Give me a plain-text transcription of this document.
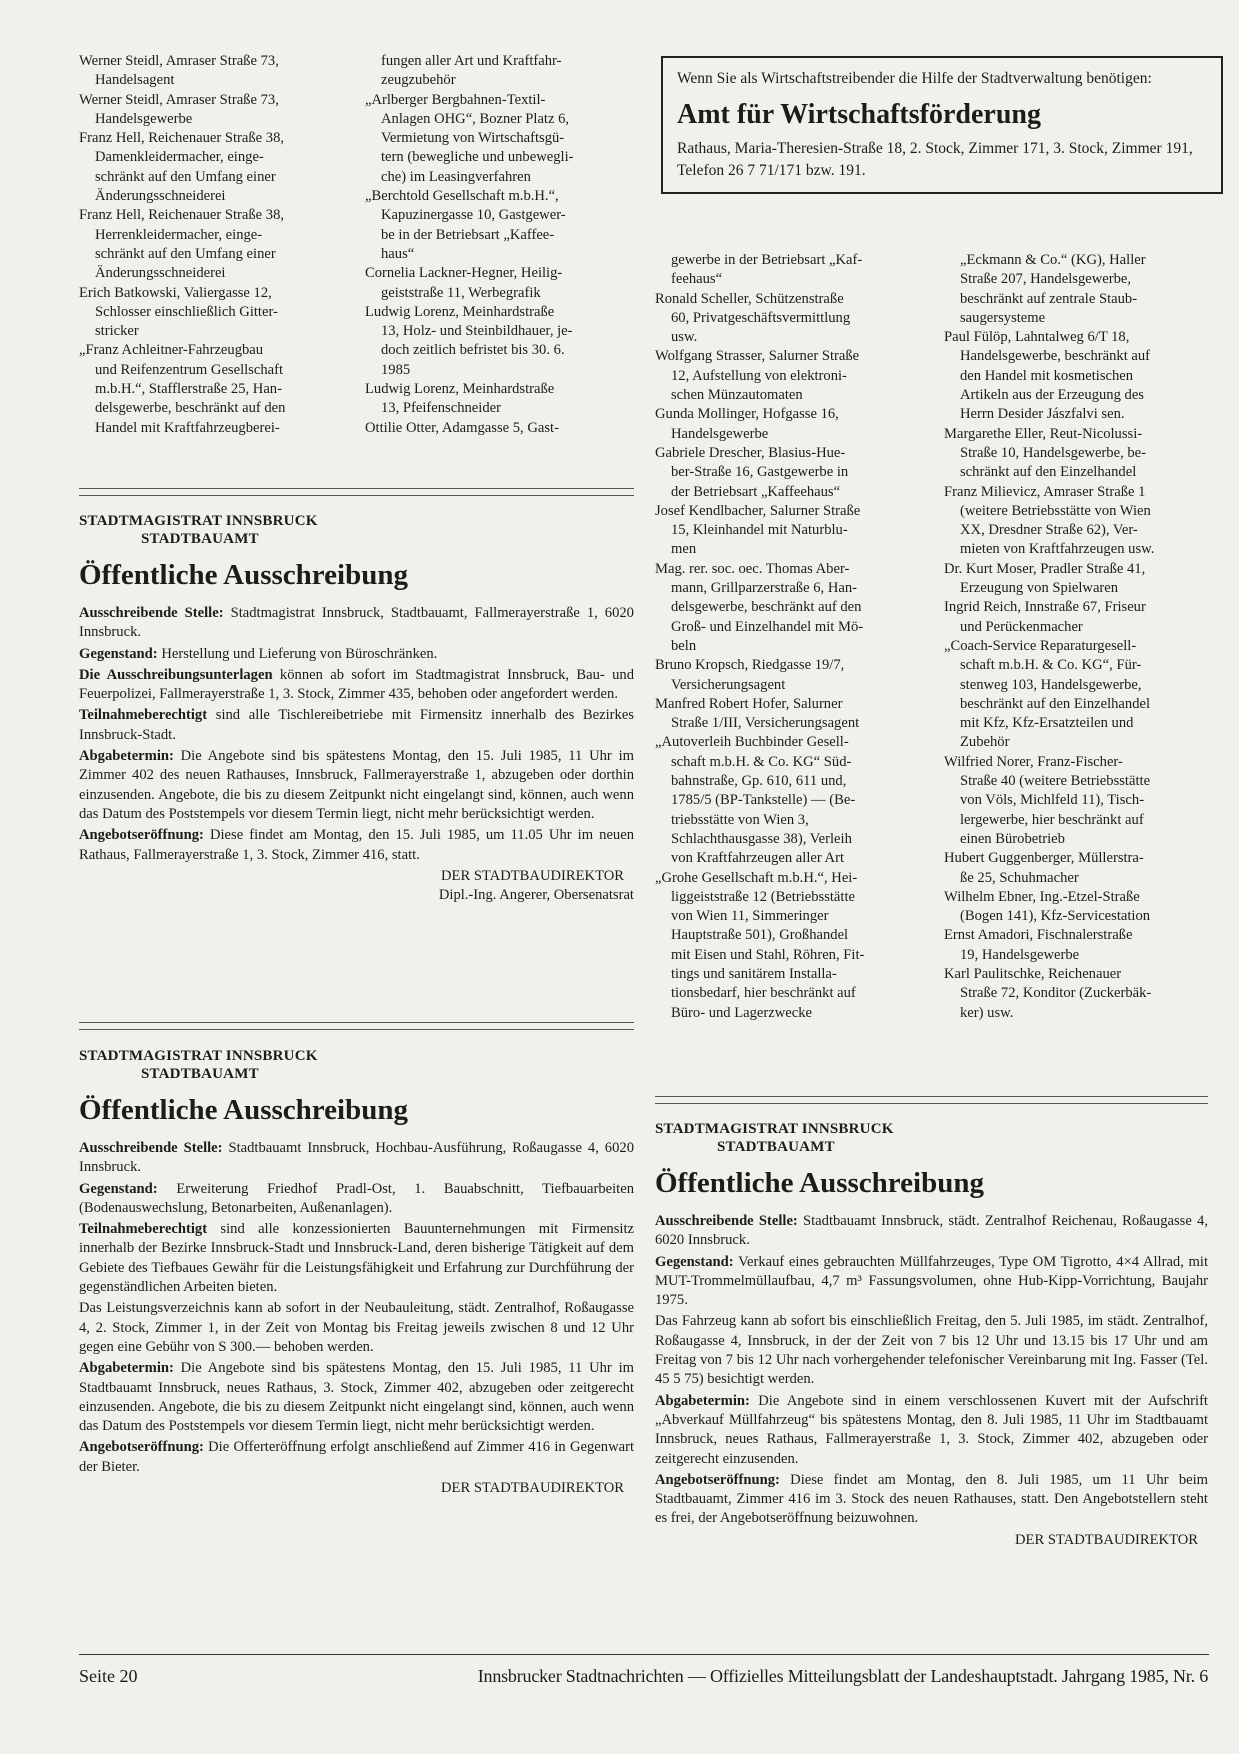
Werner Steidl, Amraser Straße 73,
Handelsagent
Werner Steidl, Amraser Straße 73,
Handelsgewerbe
Franz Hell, Reichenauer Straße 38,
Damenkleidermacher, einge-
schränkt auf den Umfang einer
Änderungsschneiderei
Franz Hell, Reichenauer Straße 38,
Herrenkleidermacher, einge-
schränkt auf den Umfang einer
Änderungsschneiderei
Erich Batkowski, Valiergasse 12,
Schlosser einschließlich Gitter-
stricker
„Franz Achleitner-Fahrzeugbau
und Reifenzentrum Gesellschaft
m.b.H.“, Stafflerstraße 25, Han-
delsgewerbe, beschränkt auf den
Handel mit Kraftfahrzeugberei-
fungen aller Art und Kraftfahr-
zeugzubehör
„Arlberger Bergbahnen-Textil-
Anlagen OHG“, Bozner Platz 6,
Vermietung von Wirtschaftsgü-
tern (bewegliche und unbewegli-
che) im Leasingverfahren
„Berchtold Gesellschaft m.b.H.“,
Kapuzinergasse 10, Gastgewer-
be in der Betriebsart „Kaffee-
haus“
Cornelia Lackner-Hegner, Heilig-
geiststraße 11, Werbegrafik
Ludwig Lorenz, Meinhardstraße
13, Holz- und Steinbildhauer, je-
doch zeitlich befristet bis 30. 6.
1985
Ludwig Lorenz, Meinhardstraße
13, Pfeifenschneider
Ottilie Otter, Adamgasse 5, Gast-
Wenn Sie als Wirtschaftstreibender die Hilfe der Stadtverwaltung benötigen:
Amt für Wirtschaftsförderung
Rathaus, Maria-Theresien-Straße 18, 2. Stock, Zimmer 171, 3. Stock, Zimmer 191, Telefon 26 7 71/171 bzw. 191.
gewerbe in der Betriebsart „Kaf-
feehaus“
Ronald Scheller, Schützenstraße
60, Privatgeschäftsvermittlung
usw.
Wolfgang Strasser, Salurner Straße
12, Aufstellung von elektroni-
schen Münzautomaten
Gunda Mollinger, Hofgasse 16,
Handelsgewerbe
Gabriele Drescher, Blasius-Hue-
ber-Straße 16, Gastgewerbe in
der Betriebsart „Kaffeehaus“
Josef Kendlbacher, Salurner Straße
15, Kleinhandel mit Naturblu-
men
Mag. rer. soc. oec. Thomas Aber-
mann, Grillparzerstraße 6, Han-
delsgewerbe, beschränkt auf den
Groß- und Einzelhandel mit Mö-
beln
Bruno Kropsch, Riedgasse 19/7,
Versicherungsagent
Manfred Robert Hofer, Salurner
Straße 1/III, Versicherungsagent
„Autoverleih Buchbinder Gesell-
schaft m.b.H. & Co. KG“ Süd-
bahnstraße, Gp. 610, 611 und,
1785/5 (BP-Tankstelle) — (Be-
triebsstätte von Wien 3,
Schlachthausgasse 38), Verleih
von Kraftfahrzeugen aller Art
„Grohe Gesellschaft m.b.H.“, Hei-
liggeiststraße 12 (Betriebsstätte
von Wien 11, Simmeringer
Hauptstraße 501), Großhandel
mit Eisen und Stahl, Röhren, Fit-
tings und sanitärem Installa-
tionsbedarf, hier beschränkt auf
Büro- und Lagerzwecke
„Eckmann & Co.“ (KG), Haller
Straße 207, Handelsgewerbe,
beschränkt auf zentrale Staub-
saugersysteme
Paul Fülöp, Lahntalweg 6/T 18,
Handelsgewerbe, beschränkt auf
den Handel mit kosmetischen
Artikeln aus der Erzeugung des
Herrn Desider Jászfalvi sen.
Margarethe Eller, Reut-Nicolussi-
Straße 10, Handelsgewerbe, be-
schränkt auf den Einzelhandel
Franz Milievicz, Amraser Straße 1
(weitere Betriebsstätte von Wien
XX, Dresdner Straße 62), Ver-
mieten von Kraftfahrzeugen usw.
Dr. Kurt Moser, Pradler Straße 41,
Erzeugung von Spielwaren
Ingrid Reich, Innstraße 67, Friseur
und Perückenmacher
„Coach-Service Reparaturgesell-
schaft m.b.H. & Co. KG“, Für-
stenweg 103, Handelsgewerbe,
beschränkt auf den Einzelhandel
mit Kfz, Kfz-Ersatzteilen und
Zubehör
Wilfried Norer, Franz-Fischer-
Straße 40 (weitere Betriebsstätte
von Völs, Michlfeld 11), Tisch-
lergewerbe, hier beschränkt auf
einen Bürobetrieb
Hubert Guggenberger, Müllerstra-
ße 25, Schuhmacher
Wilhelm Ebner, Ing.-Etzel-Straße
(Bogen 141), Kfz-Servicestation
Ernst Amadori, Fischnalerstraße
19, Handelsgewerbe
Karl Paulitschke, Reichenauer
Straße 72, Konditor (Zuckerbäk-
ker) usw.
STADTMAGISTRAT INNSBRUCK
STADTBAUAMT
Öffentliche Ausschreibung

Ausschreibende Stelle: Stadtmagistrat Innsbruck, Stadtbauamt, Fallmerayerstraße 1, 6020 Innsbruck.

Gegenstand: Herstellung und Lieferung von Büroschränken.

Die Ausschreibungsunterlagen können ab sofort im Stadtmagistrat Innsbruck, Bau- und Feuerpolizei, Fallmerayerstraße 1, 3. Stock, Zimmer 435, behoben oder angefordert werden.

Teilnahmeberechtigt sind alle Tischlereibetriebe mit Firmensitz innerhalb des Bezirkes Innsbruck-Stadt.

Abgabetermin: Die Angebote sind bis spätestens Montag, den 15. Juli 1985, 11 Uhr im Zimmer 402 des neuen Rathauses, Innsbruck, Fallmerayerstraße 1, abzugeben oder dorthin einzusenden. Angebote, die bis zu diesem Zeitpunkt nicht eingelangt sind, können, auch wenn das Datum des Poststempels vor diesem Termin liegt, nicht mehr berücksichtigt werden.

Angebotseröffnung: Diese findet am Montag, den 15. Juli 1985, um 11.05 Uhr im neuen Rathaus, Fallmerayerstraße 1, 3. Stock, Zimmer 416, statt.

DER STADTBAUDIREKTOR
Dipl.-Ing. Angerer, Obersenatsrat
STADTMAGISTRAT INNSBRUCK
STADTBAUAMT
Öffentliche Ausschreibung

Ausschreibende Stelle: Stadtbauamt Innsbruck, Hochbau-Ausführung, Roßaugasse 4, 6020 Innsbruck.

Gegenstand: Erweiterung Friedhof Pradl-Ost, 1. Bauabschnitt, Tiefbauarbeiten (Bodenauswechslung, Betonarbeiten, Außenanlagen).

Teilnahmeberechtigt sind alle konzessionierten Bauunternehmungen mit Firmensitz innerhalb der Bezirke Innsbruck-Stadt und Innsbruck-Land, deren bisherige Tätigkeit auf dem Gebiete des Tiefbaues Gewähr für die Leistungsfähigkeit und Erfahrung zur Durchführung der gegenständlichen Arbeiten bieten.

Das Leistungsverzeichnis kann ab sofort in der Neubauleitung, städt. Zentralhof, Roßaugasse 4, 2. Stock, Zimmer 1, in der Zeit von Montag bis Freitag jeweils zwischen 8 und 12 Uhr gegen eine Gebühr von S 300.— behoben werden.

Abgabetermin: Die Angebote sind bis spätestens Montag, den 15. Juli 1985, 11 Uhr im Stadtbauamt Innsbruck, neues Rathaus, 3. Stock, Zimmer 402, abzugeben oder zeitgerecht einzusenden. Angebote, die bis zu diesem Zeitpunkt nicht eingelangt sind, können, auch wenn das Datum des Poststempels vor diesem Termin liegt, nicht mehr berücksichtigt werden.

Angebotseröffnung: Die Offerteröffnung erfolgt anschließend auf Zimmer 416 in Gegenwart der Bieter.

DER STADTBAUDIREKTOR
STADTMAGISTRAT INNSBRUCK
STADTBAUAMT
Öffentliche Ausschreibung

Ausschreibende Stelle: Stadtbauamt Innsbruck, städt. Zentralhof Reichenau, Roßaugasse 4, 6020 Innsbruck.

Gegenstand: Verkauf eines gebrauchten Müllfahrzeuges, Type OM Tigrotto, 4×4 Allrad, mit MUT-Trommelmüllaufbau, 4,7 m³ Fassungsvolumen, ohne Hub-Kipp-Vorrichtung, Baujahr 1975.

Das Fahrzeug kann ab sofort bis einschließlich Freitag, den 5. Juli 1985, im städt. Zentralhof, Roßaugasse 4, Innsbruck, in der der Zeit von 7 bis 12 Uhr und 13.15 bis 17 Uhr und am Freitag von 7 bis 12 Uhr nach vorhergehender telefonischer Vereinbarung mit Ing. Fasser (Tel. 45 5 75) besichtigt werden.

Abgabetermin: Die Angebote sind in einem verschlossenen Kuvert mit der Aufschrift „Abverkauf Müllfahrzeug“ bis spätestens Montag, den 8. Juli 1985, 11 Uhr im Stadtbauamt Innsbruck, neues Rathaus, Fallmerayerstraße 1, 3. Stock, Zimmer 402, abzugeben oder zeitgerecht einzusenden.

Angebotseröffnung: Diese findet am Montag, den 8. Juli 1985, um 11 Uhr beim Stadtbauamt, Zimmer 416 im 3. Stock des neuen Rathauses, statt. Den Angebotstellern steht es frei, der Angebotseröffnung beizuwohnen.

DER STADTBAUDIREKTOR
Seite 20	Innsbrucker Stadtnachrichten — Offizielles Mitteilungsblatt der Landeshauptstadt. Jahrgang 1985, Nr. 6
